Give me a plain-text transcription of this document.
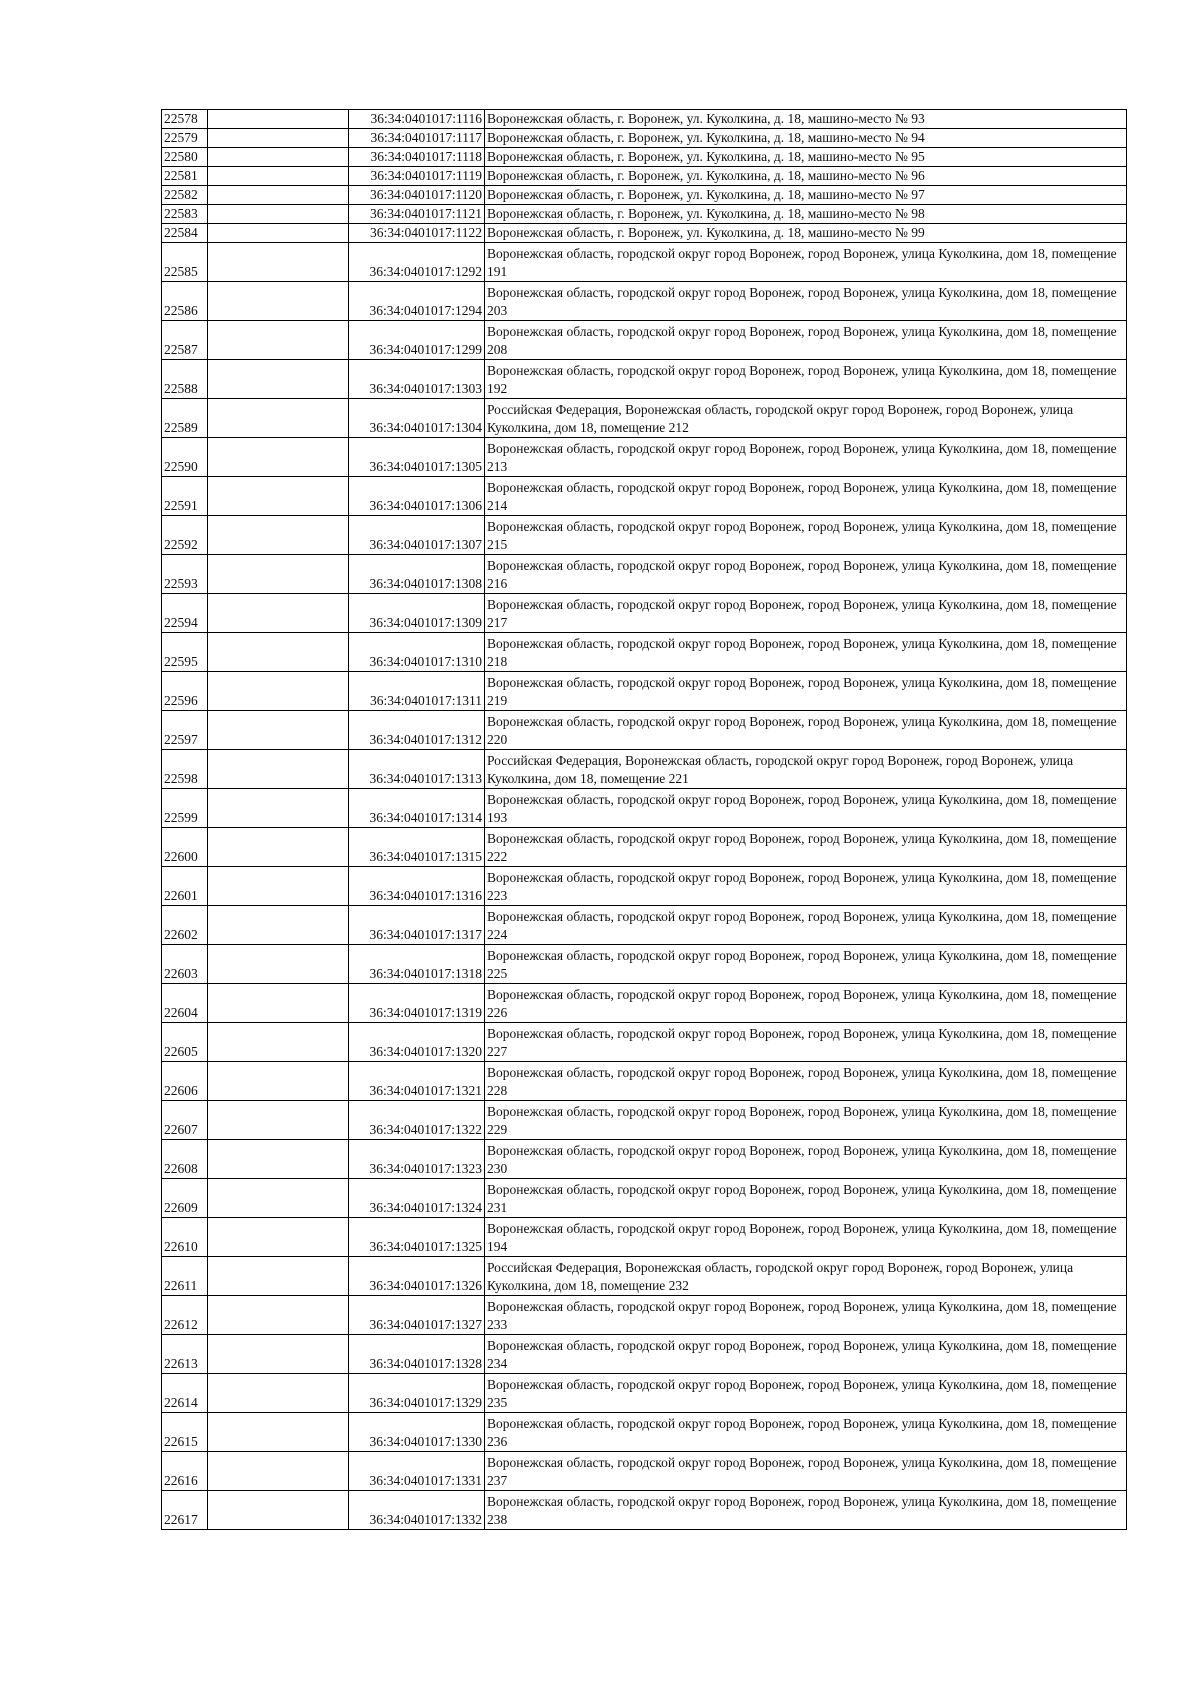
22578		36:34:0401017:1116	Воронежская область, г. Воронеж, ул. Куколкина, д. 18, машино-место № 93
22579		36:34:0401017:1117	Воронежская область, г. Воронеж, ул. Куколкина, д. 18, машино-место № 94
22580		36:34:0401017:1118	Воронежская область, г. Воронеж, ул. Куколкина, д. 18, машино-место № 95
22581		36:34:0401017:1119	Воронежская область, г. Воронеж, ул. Куколкина, д. 18, машино-место № 96
22582		36:34:0401017:1120	Воронежская область, г. Воронеж, ул. Куколкина, д. 18, машино-место № 97
22583		36:34:0401017:1121	Воронежская область, г. Воронеж, ул. Куколкина, д. 18, машино-место № 98
22584		36:34:0401017:1122	Воронежская область, г. Воронеж, ул. Куколкина, д. 18, машино-место № 99
22585		36:34:0401017:1292	Воронежская область, городской округ город Воронеж, город Воронеж, улица Куколкина, дом 18, помещение 191
22586		36:34:0401017:1294	Воронежская область, городской округ город Воронеж, город Воронеж, улица Куколкина, дом 18, помещение 203
22587		36:34:0401017:1299	Воронежская область, городской округ город Воронеж, город Воронеж, улица Куколкина, дом 18, помещение 208
22588		36:34:0401017:1303	Воронежская область, городской округ город Воронеж, город Воронеж, улица Куколкина, дом 18, помещение 192
22589		36:34:0401017:1304	Российская Федерация, Воронежская область, городской округ город Воронеж, город Воронеж, улица Куколкина, дом 18, помещение 212
22590		36:34:0401017:1305	Воронежская область, городской округ город Воронеж, город Воронеж, улица Куколкина, дом 18, помещение 213
22591		36:34:0401017:1306	Воронежская область, городской округ город Воронеж, город Воронеж, улица Куколкина, дом 18, помещение 214
22592		36:34:0401017:1307	Воронежская область, городской округ город Воронеж, город Воронеж, улица Куколкина, дом 18, помещение 215
22593		36:34:0401017:1308	Воронежская область, городской округ город Воронеж, город Воронеж, улица Куколкина, дом 18, помещение 216
22594		36:34:0401017:1309	Воронежская область, городской округ город Воронеж, город Воронеж, улица Куколкина, дом 18, помещение 217
22595		36:34:0401017:1310	Воронежская область, городской округ город Воронеж, город Воронеж, улица Куколкина, дом 18, помещение 218
22596		36:34:0401017:1311	Воронежская область, городской округ город Воронеж, город Воронеж, улица Куколкина, дом 18, помещение 219
22597		36:34:0401017:1312	Воронежская область, городской округ город Воронеж, город Воронеж, улица Куколкина, дом 18, помещение 220
22598		36:34:0401017:1313	Российская Федерация, Воронежская область, городской округ город Воронеж, город Воронеж, улица Куколкина, дом 18, помещение 221
22599		36:34:0401017:1314	Воронежская область, городской округ город Воронеж, город Воронеж, улица Куколкина, дом 18, помещение 193
22600		36:34:0401017:1315	Воронежская область, городской округ город Воронеж, город Воронеж, улица Куколкина, дом 18, помещение 222
22601		36:34:0401017:1316	Воронежская область, городской округ город Воронеж, город Воронеж, улица Куколкина, дом 18, помещение 223
22602		36:34:0401017:1317	Воронежская область, городской округ город Воронеж, город Воронеж, улица Куколкина, дом 18, помещение 224
22603		36:34:0401017:1318	Воронежская область, городской округ город Воронеж, город Воронеж, улица Куколкина, дом 18, помещение 225
22604		36:34:0401017:1319	Воронежская область, городской округ город Воронеж, город Воронеж, улица Куколкина, дом 18, помещение 226
22605		36:34:0401017:1320	Воронежская область, городской округ город Воронеж, город Воронеж, улица Куколкина, дом 18, помещение 227
22606		36:34:0401017:1321	Воронежская область, городской округ город Воронеж, город Воронеж, улица Куколкина, дом 18, помещение 228
22607		36:34:0401017:1322	Воронежская область, городской округ город Воронеж, город Воронеж, улица Куколкина, дом 18, помещение 229
22608		36:34:0401017:1323	Воронежская область, городской округ город Воронеж, город Воронеж, улица Куколкина, дом 18, помещение 230
22609		36:34:0401017:1324	Воронежская область, городской округ город Воронеж, город Воронеж, улица Куколкина, дом 18, помещение 231
22610		36:34:0401017:1325	Воронежская область, городской округ город Воронеж, город Воронеж, улица Куколкина, дом 18, помещение 194
22611		36:34:0401017:1326	Российская Федерация, Воронежская область, городской округ город Воронеж, город Воронеж, улица Куколкина, дом 18, помещение 232
22612		36:34:0401017:1327	Воронежская область, городской округ город Воронеж, город Воронеж, улица Куколкина, дом 18, помещение 233
22613		36:34:0401017:1328	Воронежская область, городской округ город Воронеж, город Воронеж, улица Куколкина, дом 18, помещение 234
22614		36:34:0401017:1329	Воронежская область, городской округ город Воронеж, город Воронеж, улица Куколкина, дом 18, помещение 235
22615		36:34:0401017:1330	Воронежская область, городской округ город Воронеж, город Воронеж, улица Куколкина, дом 18, помещение 236
22616		36:34:0401017:1331	Воронежская область, городской округ город Воронеж, город Воронеж, улица Куколкина, дом 18, помещение 237
22617		36:34:0401017:1332	Воронежская область, городской округ город Воронеж, город Воронеж, улица Куколкина, дом 18, помещение 238
